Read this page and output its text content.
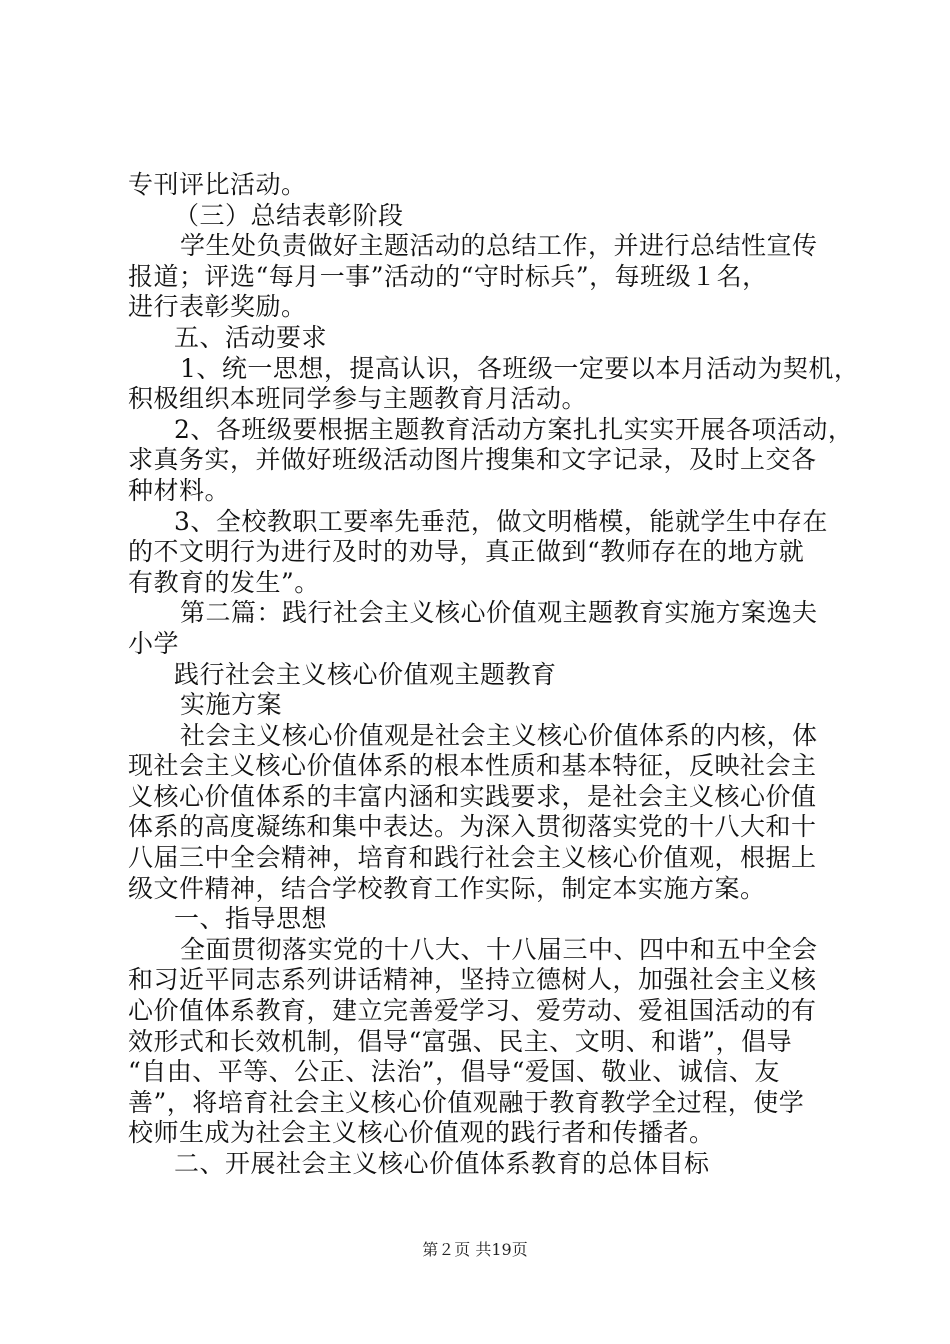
专刊评比活动。
（三）总结表彰阶段
学生处负责做好主题活动的总结工作，并进行总结性宣传
报道；评选“每月一事”活动的“守时标兵”，每班级１名，
进行表彰奖励。
五、活动要求
1、统一思想，提高认识，各班级一定要以本月活动为契机，
积极组织本班同学参与主题教育月活动。
2、各班级要根据主题教育活动方案扎扎实实开展各项活动，
求真务实，并做好班级活动图片搜集和文字记录，及时上交各
种材料。
3、全校教职工要率先垂范，做文明楷模，能就学生中存在
的不文明行为进行及时的劝导，真正做到“教师存在的地方就
有教育的发生”。
第二篇：践行社会主义核心价值观主题教育实施方案逸夫
小学
践行社会主义核心价值观主题教育
实施方案
社会主义核心价值观是社会主义核心价值体系的内核，体
现社会主义核心价值体系的根本性质和基本特征，反映社会主
义核心价值体系的丰富内涵和实践要求，是社会主义核心价值
体系的高度凝练和集中表达。为深入贯彻落实党的十八大和十
八届三中全会精神，培育和践行社会主义核心价值观，根据上
级文件精神，结合学校教育工作实际，制定本实施方案。
一、指导思想
全面贯彻落实党的十八大、十八届三中、四中和五中全会
和习近平同志系列讲话精神，坚持立德树人，加强社会主义核
心价值体系教育，建立完善爱学习、爱劳动、爱祖国活动的有
效形式和长效机制，倡导“富强、民主、文明、和谐”，倡导
“自由、平等、公正、法治”，倡导“爱国、敬业、诚信、友
善”，将培育社会主义核心价值观融于教育教学全过程，使学
校师生成为社会主义核心价值观的践行者和传播者。
二、开展社会主义核心价值体系教育的总体目标
第２页 共19页
